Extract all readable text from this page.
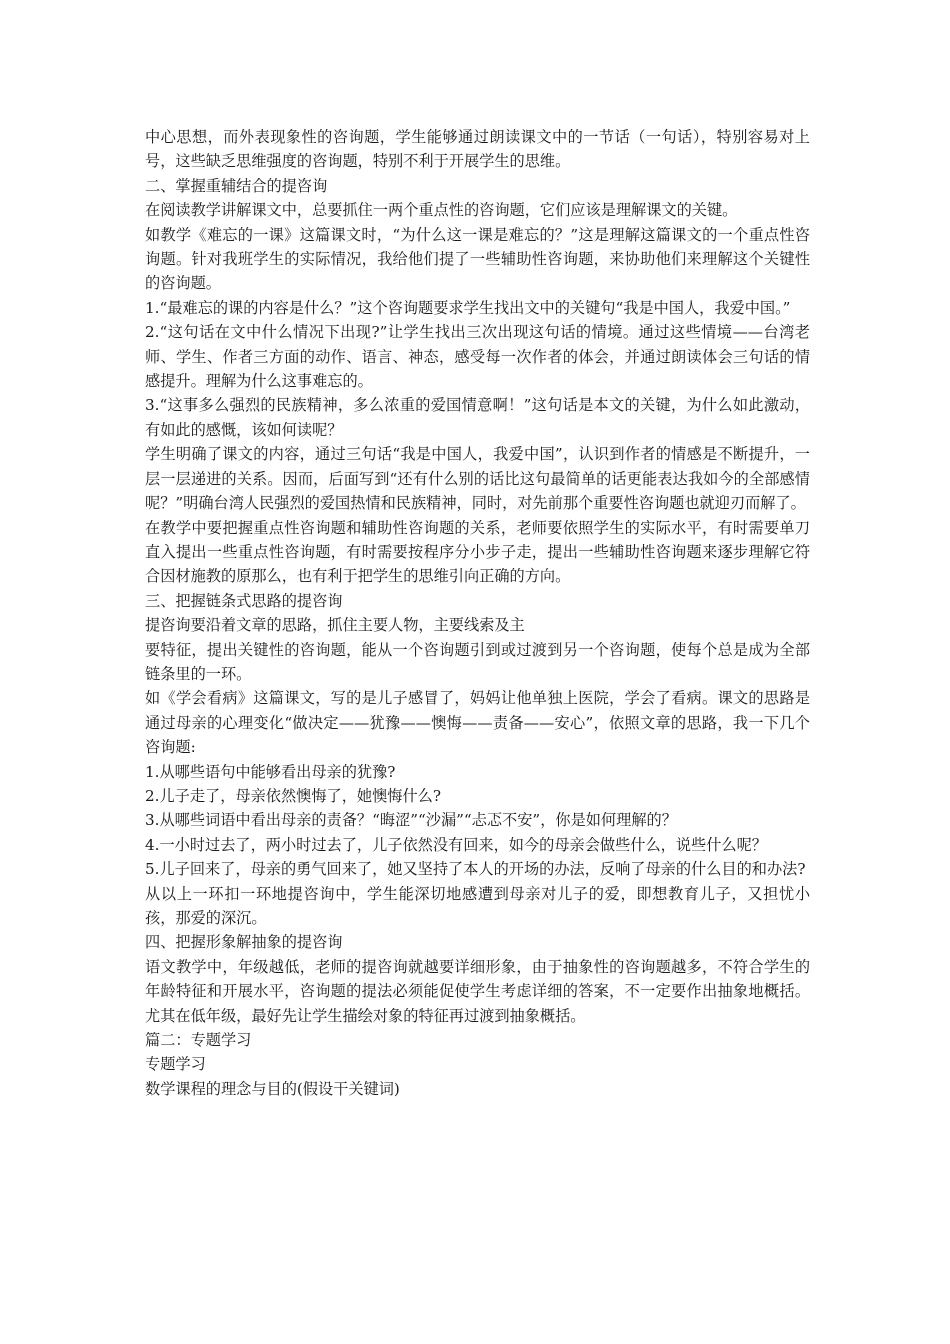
中心思想，而外表现象性的咨询题，学生能够通过朗读课文中的一节话（一句话），特别容易对上号，这些缺乏思维强度的咨询题，特别不利于开展学生的思维。

二、掌握重辅结合的提咨询

在阅读教学讲解课文中，总要抓住一两个重点性的咨询题，它们应该是理解课文的关键。

如教学《难忘的一课》这篇课文时，“为什么这一课是难忘的？”这是理解这篇课文的一个重点性咨询题。针对我班学生的实际情况，我给他们提了一些辅助性咨询题，来协助他们来理解这个关键性的咨询题。

1.“最难忘的课的内容是什么？”这个咨询题要求学生找出文中的关键句“我是中国人，我爱中国。”

2.“这句话在文中什么情况下出现?”让学生找出三次出现这句话的情境。通过这些情境——台湾老师、学生、作者三方面的动作、语言、神态，感受每一次作者的体会，并通过朗读体会三句话的情感提升。理解为什么这事难忘的。

3.“这事多么强烈的民族精神，多么浓重的爱国情意啊！”这句话是本文的关键，为什么如此激动，有如此的感慨，该如何读呢？

学生明确了课文的内容，通过三句话“我是中国人，我爱中国”，认识到作者的情感是不断提升，一层一层递进的关系。因而，后面写到“还有什么别的话比这句最简单的话更能表达我如今的全部感情呢？”明确台湾人民强烈的爱国热情和民族精神，同时，对先前那个重要性咨询题也就迎刃而解了。

在教学中要把握重点性咨询题和辅助性咨询题的关系，老师要依照学生的实际水平，有时需要单刀直入提出一些重点性咨询题，有时需要按程序分小步子走，提出一些辅助性咨询题来逐步理解它符合因材施教的原那么，也有利于把学生的思维引向正确的方向。

三、把握链条式思路的提咨询

提咨询要沿着文章的思路，抓住主要人物，主要线索及主

要特征，提出关键性的咨询题，能从一个咨询题引到或过渡到另一个咨询题，使每个总是成为全部链条里的一环。

如《学会看病》这篇课文，写的是儿子感冒了，妈妈让他单独上医院，学会了看病。课文的思路是通过母亲的心理变化“做决定——犹豫——懊悔——责备——安心”，依照文章的思路，我一下几个咨询题:

1.从哪些语句中能够看出母亲的犹豫?

2.儿子走了，母亲依然懊悔了，她懊悔什么?

3.从哪些词语中看出母亲的责备？“晦涩”“沙漏”“忐忑不安”，你是如何理解的？

4.一小时过去了，两小时过去了，儿子依然没有回来，如今的母亲会做些什么，说些什么呢？

5.儿子回来了，母亲的勇气回来了，她又坚持了本人的开场的办法，反响了母亲的什么目的和办法?

从以上一环扣一环地提咨询中，学生能深切地感遭到母亲对儿子的爱，即想教育儿子，又担忧小孩，那爱的深沉。

四、把握形象解抽象的提咨询

语文教学中，年级越低，老师的提咨询就越要详细形象，由于抽象性的咨询题越多，不符合学生的年龄特征和开展水平，咨询题的提法必须能促使学生考虑详细的答案，不一定要作出抽象地概括。尤其在低年级，最好先让学生描绘对象的特征再过渡到抽象概括。

篇二：专题学习

专题学习

数学课程的理念与目的(假设干关键词)
